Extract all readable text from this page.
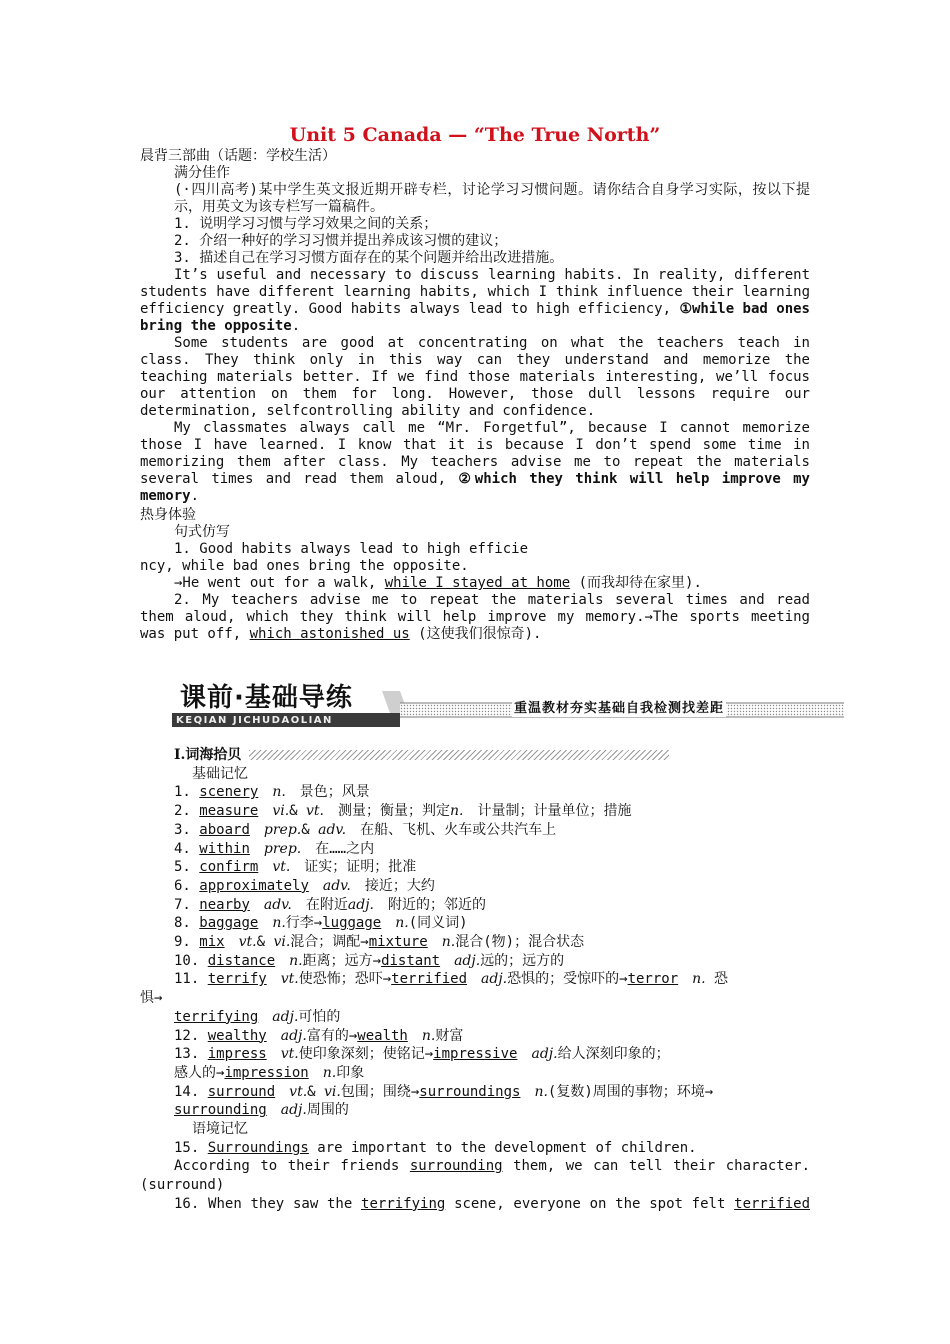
Unit 5 Canada — “The True North”

晨背三部曲（话题：学校生活）

满分佳作

(·四川高考)某中学生英文报近期开辟专栏，讨论学习习惯问题。请你结合自身学习实际，按以下提示，用英文为该专栏写一篇稿件。

1. 说明学习习惯与学习效果之间的关系；

2. 介绍一种好的学习习惯并提出养成该习惯的建议；

3. 描述自己在学习习惯方面存在的某个问题并给出改进措施。

It’s useful and necessary to discuss learning habits. In reality, different students have different learning habits, which I think influence their learning efficiency greatly. Good habits always lead to high efficiency, ①while bad ones bring the opposite.

Some students are good at concentrating on what the teachers teach in class. They think only in this way can they understand and memorize the teaching materials better. If we find those materials interesting, we’ll focus our attention on them for long. However, those dull lessons require our determination, selfcontrolling ability and confidence.

My classmates always call me “Mr. Forgetful”, because I cannot memorize those I have learned. I know that it is because I don’t spend some time in memorizing them after class. My teachers advise me to repeat the materials several times and read them aloud, ②which they think will help improve my memory.

热身体验

句式仿写

1. Good habits always lead to high efficie

ncy, while bad ones bring the opposite.

→He went out for a walk, while I stayed at home (而我却待在家里).

2. My teachers advise me to repeat the materials several times and read them aloud, which they think will help improve my memory.→The sports meeting was put off, which astonished us (这使我们很惊奇).

课前·基础导练
KEQIAN JICHUDAOLIAN
重温教材夯实基础自我检测找差距

Ⅰ.词海拾贝

基础记忆

1. scenery　 n.　景色；风景

2. measure　 vi.& vt.　测量；衡量；判定n.　计量制；计量单位；措施

3. aboard　 prep.& adv.　在船、飞机、火车或公共汽车上

4. within　 prep.　在……之内

5. confirm　 vt.　证实；证明；批准

6. approximately　 adv.　接近；大约

7. nearby　 adv.　在附近adj.　附近的；邻近的

8. baggage　 n.行李→luggage　 n.(同义词)

9. mix　 vt.& vi.混合；调配→mixture　 n.混合(物)；混合状态

10. distance　 n.距离；远方→distant　 adj.远的；远方的

11. terrify　 vt.使恐怖；恐吓→terrified　 adj.恐惧的；受惊吓的→terror　 n. 恐

惧→

terrifying　 adj.可怕的

12. wealthy　 adj.富有的→wealth　 n.财富

13. impress　 vt.使印象深刻；使铭记→impressive　 adj.给人深刻印象的；

感人的→impression　 n.印象

14. surround　 vt.& vi.包围；围绕→surroundings　 n.(复数)周围的事物；环境→

surrounding　 adj.周围的

语境记忆

15. Surroundings are important to the development of children.

According to their friends surrounding them, we can tell their character. (surround)

16. When they saw the terrifying scene, everyone on the spot felt terrified
